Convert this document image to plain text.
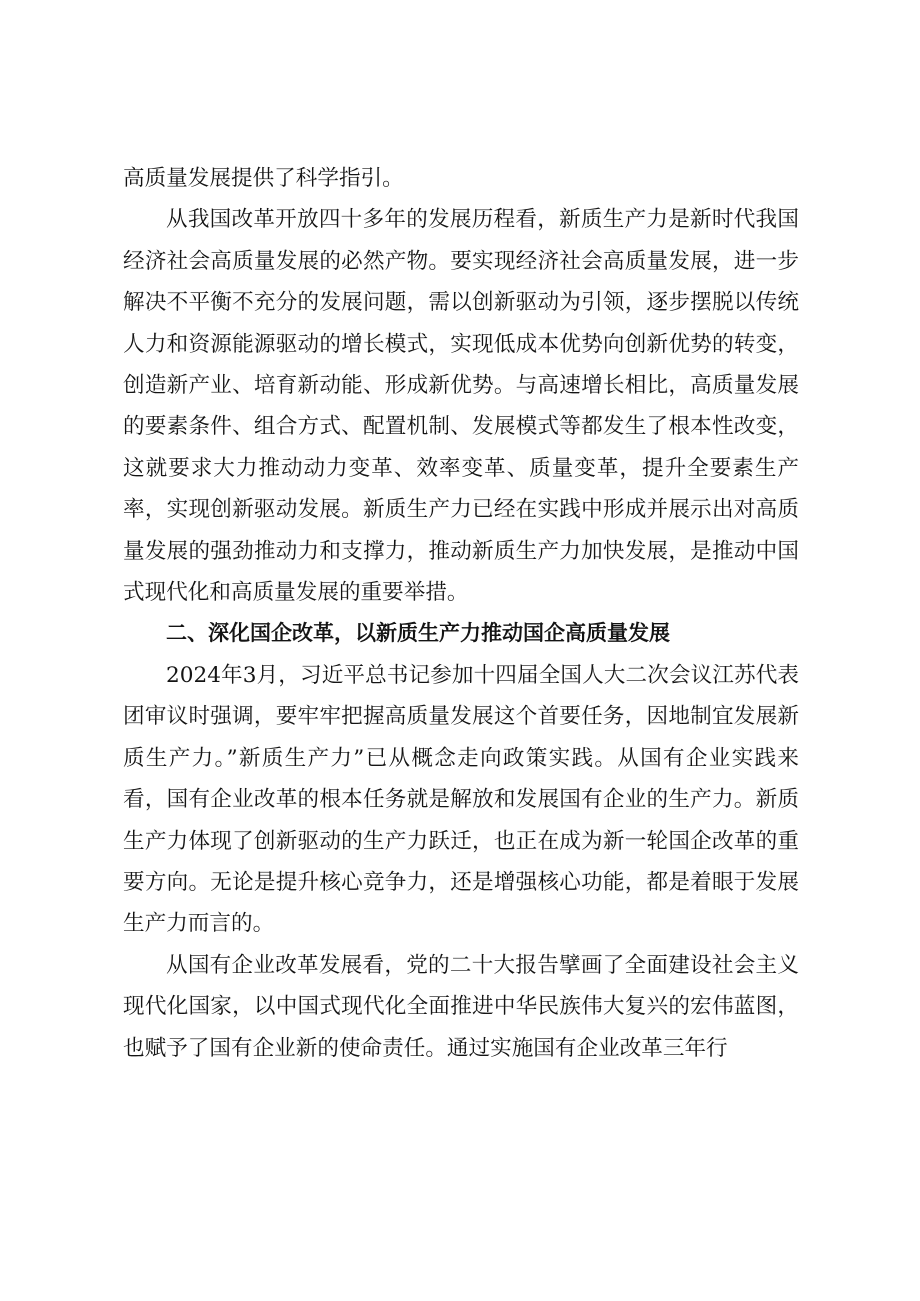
高质量发展提供了科学指引。

从我国改革开放四十多年的发展历程看，新质生产力是新时代我国经济社会高质量发展的必然产物。要实现经济社会高质量发展，进一步解决不平衡不充分的发展问题，需以创新驱动为引领，逐步摆脱以传统人力和资源能源驱动的增长模式，实现低成本优势向创新优势的转变，创造新产业、培育新动能、形成新优势。与高速增长相比，高质量发展的要素条件、组合方式、配置机制、发展模式等都发生了根本性改变，这就要求大力推动动力变革、效率变革、质量变革，提升全要素生产率，实现创新驱动发展。新质生产力已经在实践中形成并展示出对高质量发展的强劲推动力和支撑力，推动新质生产力加快发展，是推动中国式现代化和高质量发展的重要举措。

二、深化国企改革，以新质生产力推动国企高质量发展

2024年3月，习近平总书记参加十四届全国人大二次会议江苏代表团审议时强调，要牢牢把握高质量发展这个首要任务，因地制宜发展新质生产力。”新质生产力”已从概念走向政策实践。从国有企业实践来看，国有企业改革的根本任务就是解放和发展国有企业的生产力。新质生产力体现了创新驱动的生产力跃迁，也正在成为新一轮国企改革的重要方向。无论是提升核心竞争力，还是增强核心功能，都是着眼于发展生产力而言的。

从国有企业改革发展看，党的二十大报告擘画了全面建设社会主义现代化国家，以中国式现代化全面推进中华民族伟大复兴的宏伟蓝图，也赋予了国有企业新的使命责任。通过实施国有企业改革三年行
